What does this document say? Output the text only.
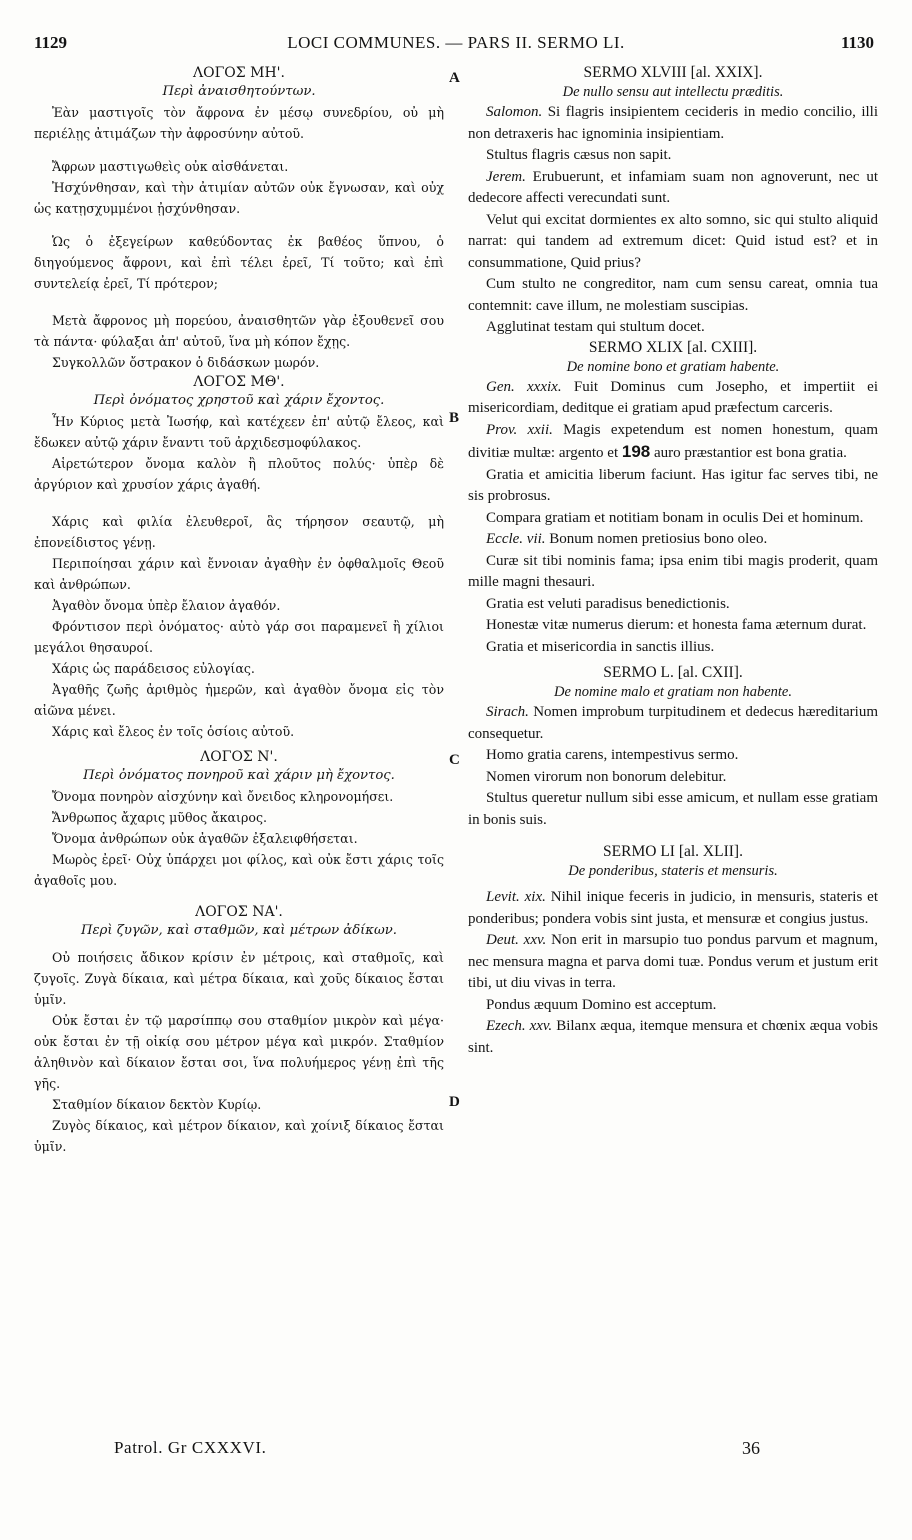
1129	LOCI COMMUNES. — PARS II. SERMO LI.	1130
A
B
C
D
ΛΟΓΟΣ ΜΗ'.
Περὶ ἀναισθητούντων.

Ἐὰν μαστιγοῖς τὸν ἄφρονα ἐν μέσῳ συνεδρίου, οὐ μὴ περιέλῃς ἀτιμάζων τὴν ἀφροσύνην αὐτοῦ.

Ἄφρων μαστιγωθεὶς οὐκ αἰσθάνεται.

Ἠσχύνθησαν, καὶ τὴν ἀτιμίαν αὐτῶν οὐκ ἔγνωσαν, καὶ οὐχ ὡς κατῃσχυμμένοι ᾐσχύνθησαν.

Ὡς ὁ ἐξεγείρων καθεύδοντας ἐκ βαθέος ὕπνου, ὁ διηγούμενος ἄφρονι, καὶ ἐπὶ τέλει ἐρεῖ, Τί τοῦτο; καὶ ἐπὶ συντελείᾳ ἐρεῖ, Τί πρότερον;

Μετὰ ἄφρονος μὴ πορεύου, ἀναισθητῶν γὰρ ἐξουθενεῖ σου τὰ πάντα· φύλαξαι ἀπ' αὐτοῦ, ἵνα μὴ κόπον ἔχῃς.

Συγκολλῶν ὄστρακον ὁ διδάσκων μωρόν.

ΛΟΓΟΣ ΜΘ'.
Περὶ ὀνόματος χρηστοῦ καὶ χάριν ἔχοντος.

Ἦν Κύριος μετὰ Ἰωσήφ, καὶ κατέχεεν ἐπ' αὐτῷ ἔλεος, καὶ ἔδωκεν αὐτῷ χάριν ἔναντι τοῦ ἀρχιδεσμοφύλακος.

Αἱρετώτερον ὄνομα καλὸν ἢ πλοῦτος πολύς· ὑπὲρ δὲ ἀργύριον καὶ χρυσίον χάρις ἀγαθή.

Χάρις καὶ φιλία ἐλευθεροῖ, ἃς τήρησον σεαυτῷ, μὴ ἐπονείδιστος γένῃ.

Περιποίησαι χάριν καὶ ἔννοιαν ἀγαθὴν ἐν ὀφθαλμοῖς Θεοῦ καὶ ἀνθρώπων.

Ἀγαθὸν ὄνομα ὑπὲρ ἔλαιον ἀγαθόν.

Φρόντισον περὶ ὀνόματος· αὐτὸ γάρ σοι παραμενεῖ ἢ χίλιοι μεγάλοι θησαυροί.

Χάρις ὡς παράδεισος εὐλογίας.

Ἀγαθῆς ζωῆς ἀριθμὸς ἡμερῶν, καὶ ἀγαθὸν ὄνομα εἰς τὸν αἰῶνα μένει.

Χάρις καὶ ἔλεος ἐν τοῖς ὁσίοις αὐτοῦ.

ΛΟΓΟΣ Ν'.
Περὶ ὀνόματος πονηροῦ καὶ χάριν μὴ ἔχοντος.

Ὄνομα πονηρὸν αἰσχύνην καὶ ὄνειδος κληρονομήσει.

Ἄνθρωπος ἄχαρις μῦθος ἄκαιρος.

Ὄνομα ἀνθρώπων οὐκ ἀγαθῶν ἐξαλειφθήσεται.

Μωρὸς ἐρεῖ· Οὐχ ὑπάρχει μοι φίλος, καὶ οὐκ ἔστι χάρις τοῖς ἀγαθοῖς μου.

ΛΟΓΟΣ ΝΑ'.
Περὶ ζυγῶν, καὶ σταθμῶν, καὶ μέτρων ἀδίκων.

Οὐ ποιήσεις ἄδικον κρίσιν ἐν μέτροις, καὶ σταθμοῖς, καὶ ζυγοῖς. Ζυγὰ δίκαια, καὶ μέτρα δίκαια, καὶ χοῦς δίκαιος ἔσται ὑμῖν.

Οὐκ ἔσται ἐν τῷ μαρσίππῳ σου σταθμίον μικρὸν καὶ μέγα· οὐκ ἔσται ἐν τῇ οἰκίᾳ σου μέτρον μέγα καὶ μικρόν. Σταθμίον ἀληθινὸν καὶ δίκαιον ἔσται σοι, ἵνα πολυήμερος γένῃ ἐπὶ τῆς γῆς.

Σταθμίον δίκαιον δεκτὸν Κυρίῳ.

Ζυγὸς δίκαιος, καὶ μέτρον δίκαιον, καὶ χοίνιξ δίκαιος ἔσται ὑμῖν.

SERMO XLVIII [al. XXIX].
De nullo sensu aut intellectu præditis.

Salomon. Si flagris insipientem cecideris in medio concilio, illi non detraxeris hac ignominia insipientiam.

Stultus flagris cæsus non sapit.

Jerem. Erubuerunt, et infamiam suam non agnoverunt, nec ut dedecore affecti verecundati sunt.

Velut qui excitat dormientes ex alto somno, sic qui stulto aliquid narrat: qui tandem ad extremum dicet: Quid istud est? et in consummatione, Quid prius?

Cum stulto ne congreditor, nam cum sensu careat, omnia tua contemnit: cave illum, ne molestiam suscipias.

Agglutinat testam qui stultum docet.

SERMO XLIX [al. CXIII].
De nomine bono et gratiam habente.

Gen. xxxix. Fuit Dominus cum Josepho, et impertiit ei misericordiam, deditque ei gratiam apud præfectum carceris.

Prov. xxii. Magis expetendum est nomen honestum, quam divitiæ multæ: argento et 198 auro præstantior est bona gratia.

Gratia et amicitia liberum faciunt. Has igitur fac serves tibi, ne sis probrosus.

Compara gratiam et notitiam bonam in oculis Dei et hominum.

Eccle. vii. Bonum nomen pretiosius bono oleo.

Curæ sit tibi nominis fama; ipsa enim tibi magis proderit, quam mille magni thesauri.

Gratia est veluti paradisus benedictionis.

Honestæ vitæ numerus dierum: et honesta fama æternum durat.

Gratia et misericordia in sanctis illius.

SERMO L. [al. CXII].
De nomine malo et gratiam non habente.

Sirach. Nomen improbum turpitudinem et dedecus hæreditarium consequetur.

Homo gratia carens, intempestivus sermo.

Nomen virorum non bonorum delebitur.

Stultus queretur nullum sibi esse amicum, et nullam esse gratiam in bonis suis.

SERMO LI [al. XLII].
De ponderibus, stateris et mensuris.

Levit. xix. Nihil inique feceris in judicio, in mensuris, stateris et ponderibus; pondera vobis sint justa, et mensuræ et congius justus.

Deut. xxv. Non erit in marsupio tuo pondus parvum et magnum, nec mensura magna et parva domi tuæ. Pondus verum et justum erit tibi, ut diu vivas in terra.

Pondus æquum Domino est acceptum.

Ezech. xxv. Bilanx æqua, itemque mensura et chœnix æqua vobis sint.

Patrol. Gr CXXXVI.	36
